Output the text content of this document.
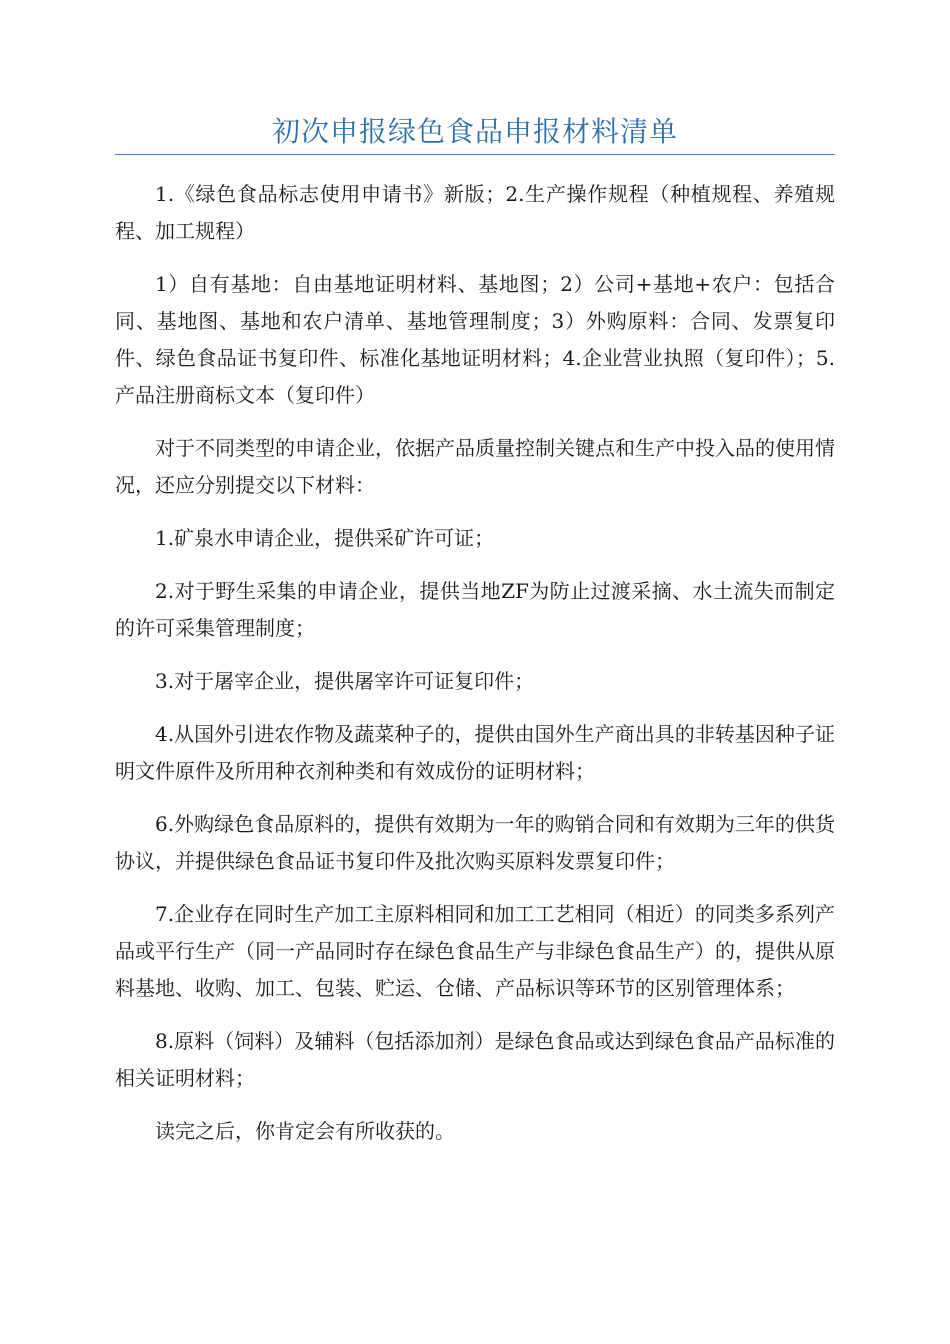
初次申报绿色食品申报材料清单

1.《绿色食品标志使用申请书》新版；2.生产操作规程（种植规程、养殖规程、加工规程）

1）自有基地：自由基地证明材料、基地图；2）公司+基地+农户：包括合同、基地图、基地和农户清单、基地管理制度；3）外购原料：合同、发票复印件、绿色食品证书复印件、标准化基地证明材料；4.企业营业执照（复印件）；5.产品注册商标文本（复印件）

对于不同类型的申请企业，依据产品质量控制关键点和生产中投入品的使用情况，还应分别提交以下材料：

1.矿泉水申请企业，提供采矿许可证；

2.对于野生采集的申请企业，提供当地ZF为防止过渡采摘、水土流失而制定的许可采集管理制度；

3.对于屠宰企业，提供屠宰许可证复印件；

4.从国外引进农作物及蔬菜种子的，提供由国外生产商出具的非转基因种子证明文件原件及所用种衣剂种类和有效成份的证明材料；

6.外购绿色食品原料的，提供有效期为一年的购销合同和有效期为三年的供货协议，并提供绿色食品证书复印件及批次购买原料发票复印件；

7.企业存在同时生产加工主原料相同和加工工艺相同（相近）的同类多系列产品或平行生产（同一产品同时存在绿色食品生产与非绿色食品生产）的，提供从原料基地、收购、加工、包装、贮运、仓储、产品标识等环节的区别管理体系；

8.原料（饲料）及辅料（包括添加剂）是绿色食品或达到绿色食品产品标准的相关证明材料；

读完之后，你肯定会有所收获的。
